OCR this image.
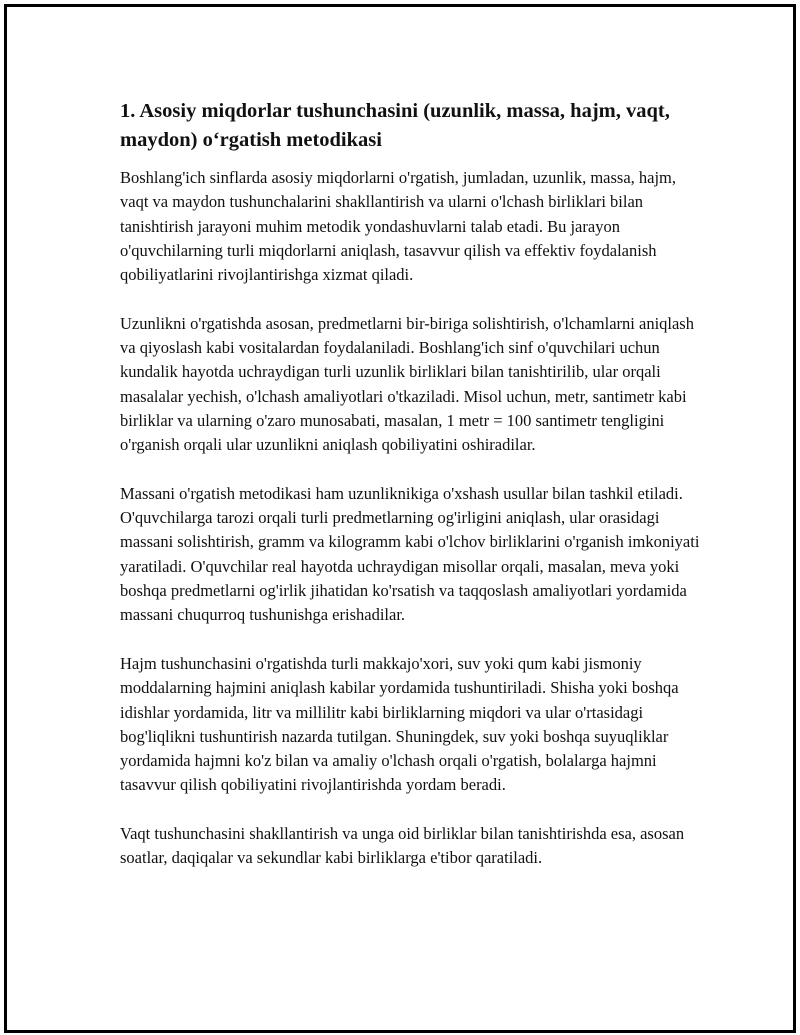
1. Asosiy miqdorlar tushunchasini (uzunlik, massa, hajm, vaqt, maydon) o‘rgatish metodikasi

Boshlang'ich sinflarda asosiy miqdorlarni o'rgatish, jumladan, uzunlik, massa, hajm, vaqt va maydon tushunchalarini shakllantirish va ularni o'lchash birliklari bilan tanishtirish jarayoni muhim metodik yondashuvlarni talab etadi. Bu jarayon o'quvchilarning turli miqdorlarni aniqlash, tasavvur qilish va effektiv foydalanish qobiliyatlarini rivojlantirishga xizmat qiladi.

Uzunlikni o'rgatishda asosan, predmetlarni bir-biriga solishtirish, o'lchamlarni aniqlash va qiyoslash kabi vositalardan foydalaniladi. Boshlang'ich sinf o'quvchilari uchun kundalik hayotda uchraydigan turli uzunlik birliklari bilan tanishtirilib, ular orqali masalalar yechish, o'lchash amaliyotlari o'tkaziladi. Misol uchun, metr, santimetr kabi birliklar va ularning o'zaro munosabati, masalan, 1 metr = 100 santimetr tengligini o'rganish orqali ular uzunlikni aniqlash qobiliyatini oshiradilar.

Massani o'rgatish metodikasi ham uzunliknikiga o'xshash usullar bilan tashkil etiladi. O'quvchilarga tarozi orqali turli predmetlarning og'irligini aniqlash, ular orasidagi massani solishtirish, gramm va kilogramm kabi o'lchov birliklarini o'rganish imkoniyati yaratiladi. O'quvchilar real hayotda uchraydigan misollar orqali, masalan, meva yoki boshqa predmetlarni og'irlik jihatidan ko'rsatish va taqqoslash amaliyotlari yordamida massani chuqurroq tushunishga erishadilar.

Hajm tushunchasini o'rgatishda turli makkajo'xori, suv yoki qum kabi jismoniy moddalarning hajmini aniqlash kabilar yordamida tushuntiriladi. Shisha yoki boshqa idishlar yordamida, litr va millilitr kabi birliklarning miqdori va ular o'rtasidagi bog'liqlikni tushuntirish nazarda tutilgan. Shuningdek, suv yoki boshqa suyuqliklar yordamida hajmni ko'z bilan va amaliy o'lchash orqali o'rgatish, bolalarga hajmni tasavvur qilish qobiliyatini rivojlantirishda yordam beradi.

Vaqt tushunchasini shakllantirish va unga oid birliklar bilan tanishtirishda esa, asosan soatlar, daqiqalar va sekundlar kabi birliklarga e'tibor qaratiladi.
